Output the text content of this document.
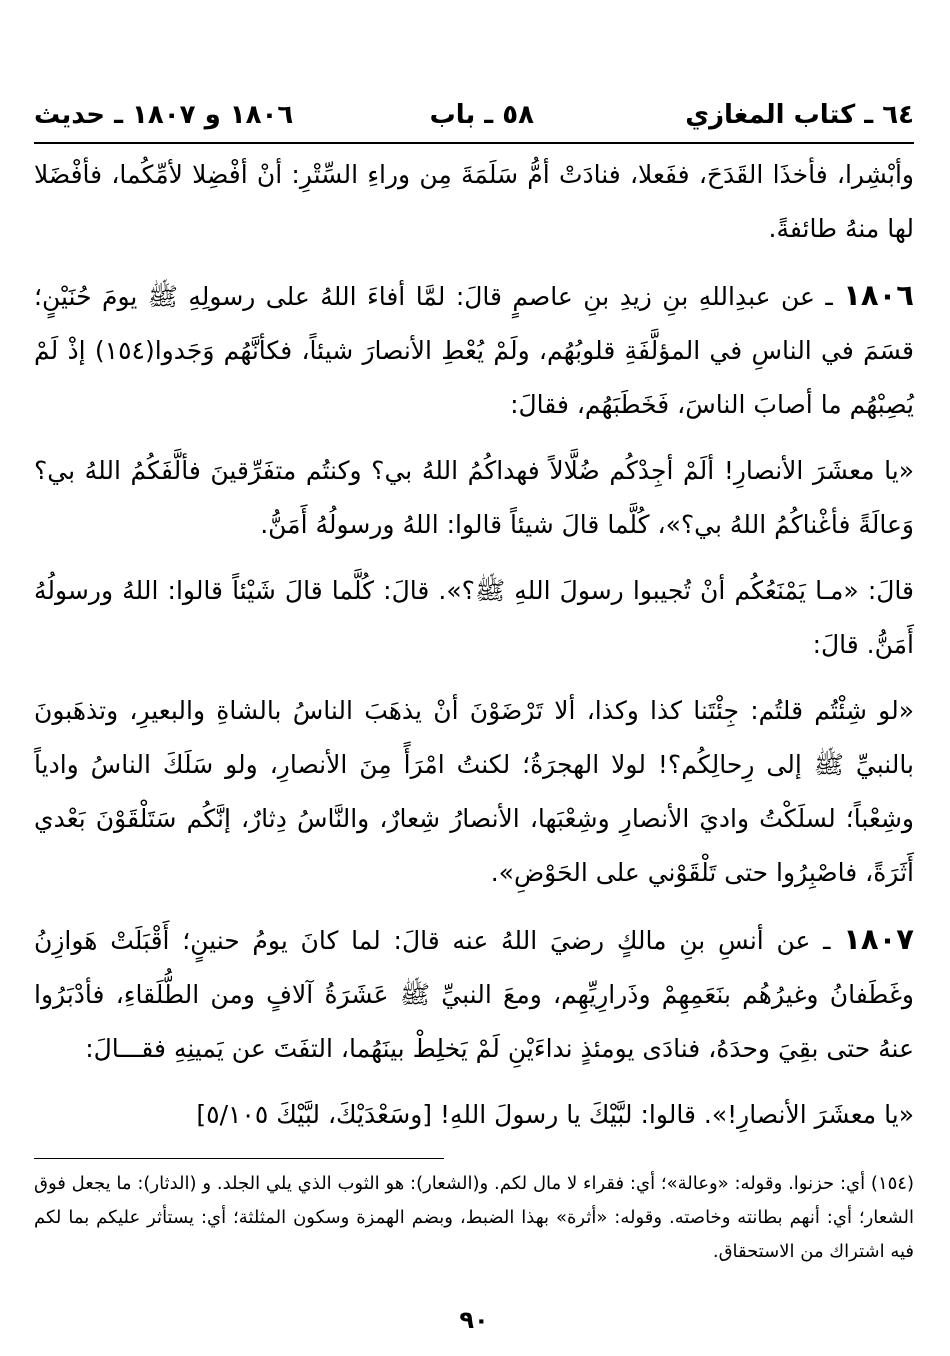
٦٤ ـ كتاب المغازي
٥٨ ـ باب
١٨٠٦ و ١٨٠٧ ـ حديث

وأبْشِرا، فأخذَا القَدَحَ، ففَعلا، فنادَتْ أمُّ سَلَمَةَ مِن وراءِ السِّتْرِ: أنْ أفْضِلا لأمِّكُما، فأفْضَلا لها منهُ طائفةً.

١٨٠٦ ـ عن عبدِاللهِ بنِ زيدِ بنِ عاصمٍ قالَ: لمَّا أفاءَ اللهُ على رسولِهِ ﷺ يومَ حُنَيْنٍ؛ قسَمَ في الناسِ في المؤلَّفَةِ قلوبُهُم، ولَمْ يُعْطِ الأنصارَ شيئاً، فكأنَّهُم وَجَدوا(١٥٤) إذْ لَمْ يُصِبْهُم ما أصابَ الناسَ، فَخَطَبَهُم، فقالَ:

«يا معشَرَ الأنصارِ! ألَمْ أجِدْكُم ضُلَّالاً فهداكُمُ اللهُ بي؟ وكنتُم متفَرِّقينَ فألَّفَكُمُ اللهُ بي؟ وَعالَةً فأغْناكُمُ اللهُ بي؟»، كُلَّما قالَ شيئاً قالوا: اللهُ ورسولُهُ أَمَنُّ.

قالَ: «مـا يَمْنَعُكُم أنْ تُجيبوا رسولَ اللهِ ﷺ؟». قالَ: كُلَّما قالَ شَيْئاً قالوا: اللهُ ورسولُهُ أَمَنُّ. قالَ:

«لو شِئْتُم قلتُم: جِئْتَنا كذا وكذا، ألا تَرْضَوْنَ أنْ يذهَبَ الناسُ بالشاةِ والبعيرِ، وتذهَبونَ بالنبيِّ ﷺ إلى رِحالِكُم؟! لولا الهجرَةُ؛ لكنتُ امْرَأً مِنَ الأنصارِ، ولو سَلَكَ الناسُ وادياً وشِعْباً؛ لسلَكْتُ واديَ الأنصارِ وشِعْبَها، الأنصارُ شِعارٌ، والنَّاسُ دِثارٌ، إنَّكُم سَتَلْقَوْنَ بَعْدي أَثَرَةً، فاصْبِرُوا حتى تَلْقَوْني على الحَوْضِ».

١٨٠٧ ـ عن أنسِ بنِ مالكٍ رضيَ اللهُ عنه قالَ: لما كانَ يومُ حنينٍ؛ أَقْبَلَتْ هَوازِنُ وغَطَفانُ وغيرُهُم بنَعَمِهِمْ وذَرارِيِّهِم، ومعَ النبيِّ ﷺ عَشَرَةُ آلافٍ ومن الطُّلَقاءِ، فأدْبَرُوا عنهُ حتى بقِيَ وحدَهُ، فنادَى يومئذٍ نداءَيْنِ لَمْ يَخلِطْ بينَهُما، التفَتَ عن يَمينِهِ فقـــالَ:

«يا معشَرَ الأنصارِ!». قالوا: لبَّيْكَ يا رسولَ اللهِ! [وسَعْدَيْكَ، لبَّيْكَ ٥/١٠٥]

(١٥٤) أي: حزنوا. وقوله: «وعالة»؛ أي: فقراء لا مال لكم. و(الشعار): هو الثوب الذي يلي الجلد. و (الدثار): ما يجعل فوق الشعار؛ أي: أنهم بطانته وخاصته. وقوله: «أثرة» بهذا الضبط، وبضم الهمزة وسكون المثلثة؛ أي: يستأثر عليكم بما لكم فيه اشتراك من الاستحقاق.
٩٠
